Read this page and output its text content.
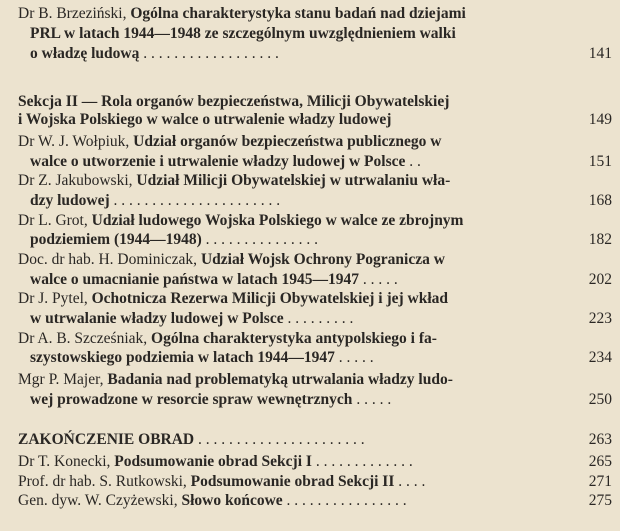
Dr B. Brzeziński, Ogólna charakterystyka stanu badań nad dziejami
PRL w latach 1944—1948 ze szczególnym uwzględnieniem walki
o władzę ludową . . . . . . . . . . . . . . . . . .	141
Sekcja II — Rola organów bezpieczeństwa, Milicji Obywatelskiej
i Wojska Polskiego w walce o utrwalenie władzy ludowej	149
Dr W. J. Wołpiuk, Udział organów bezpieczeństwa publicznego w
walce o utworzenie i utrwalenie władzy ludowej w Polsce . .	151
Dr Z. Jakubowski, Udział Milicji Obywatelskiej w utrwalaniu wła-
dzy ludowej . . . . . . . . . . . . . . . . . . . . . .	168
Dr L. Grot, Udział ludowego Wojska Polskiego w walce ze zbrojnym
podziemiem (1944—1948) . . . . . . . . . . . . . . .	182
Doc. dr hab. H. Dominiczak, Udział Wojsk Ochrony Pogranicza w
walce o umacnianie państwa w latach 1945—1947 . . . . .	202
Dr J. Pytel, Ochotnicza Rezerwa Milicji Obywatelskiej i jej wkład
w utrwalanie władzy ludowej w Polsce . . . . . . . . .	223
Dr A. B. Szcześniak, Ogólna charakterystyka antypolskiego i fa-
szystowskiego podziemia w latach 1944—1947 . . . . .	234
Mgr P. Majer, Badania nad problematyką utrwalania władzy ludo-
wej prowadzone w resorcie spraw wewnętrznych . . . . .	250
ZAKOŃCZENIE OBRAD . . . . . . . . . . . . . . . . . . . . . .	263
Dr T. Konecki, Podsumowanie obrad Sekcji I . . . . . . . . . . . . .	265
Prof. dr hab. S. Rutkowski, Podsumowanie obrad Sekcji II . . . .	271
Gen. dyw. W. Czyżewski, Słowo końcowe . . . . . . . . . . . . . . . .	275
